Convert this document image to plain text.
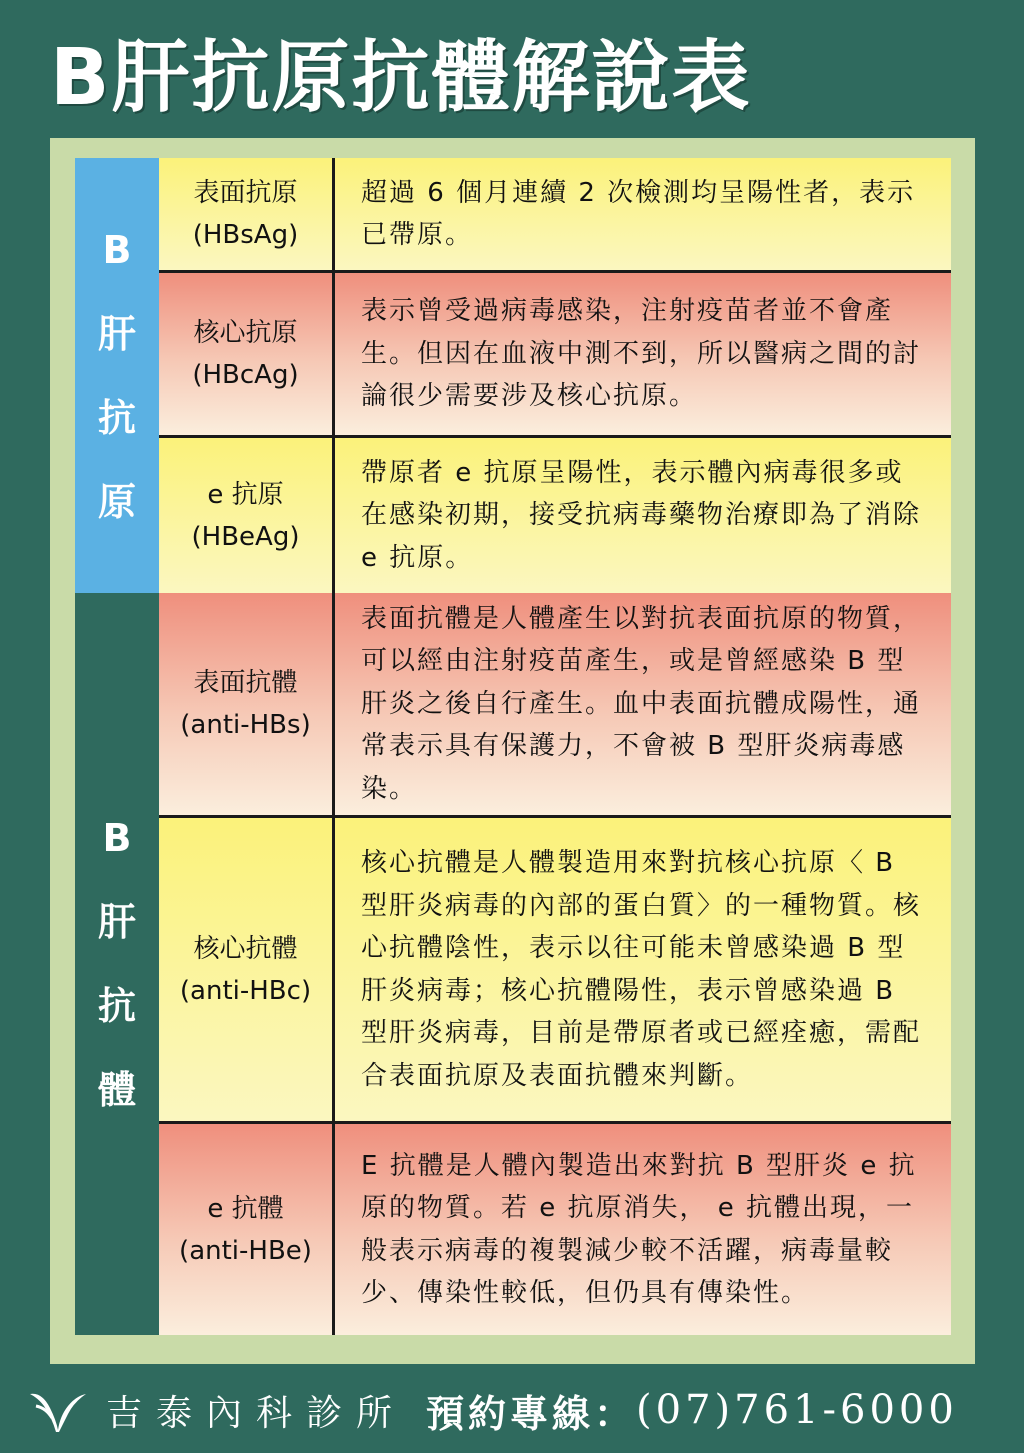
B肝抗原抗體解說表
B
肝
抗
原
B
肝
抗
體
表面抗原
(HBsAg)
超過 6 個月連續 2 次檢測均呈陽性者，表示已帶原。
核心抗原
(HBcAg)
表示曾受過病毒感染，注射疫苗者並不會產生。但因在血液中測不到，所以醫病之間的討論很少需要涉及核心抗原。
e 抗原
(HBeAg)
帶原者 e 抗原呈陽性，表示體內病毒很多或在感染初期，接受抗病毒藥物治療即為了消除 e 抗原。
表面抗體
(anti-HBs)
表面抗體是人體產生以對抗表面抗原的物質，可以經由注射疫苗產生，或是曾經感染 B 型肝炎之後自行產生。血中表面抗體成陽性，通常表示具有保護力，不會被 B 型肝炎病毒感染。
核心抗體
(anti-HBc)
核心抗體是人體製造用來對抗核心抗原〈 B 型肝炎病毒的內部的蛋白質〉的一種物質。核心抗體陰性，表示以往可能未曾感染過 B 型肝炎病毒；核心抗體陽性，表示曾感染過 B 型肝炎病毒，目前是帶原者或已經痊癒，需配合表面抗原及表面抗體來判斷。
e 抗體
(anti-HBe)
E 抗體是人體內製造出來對抗 B 型肝炎 e 抗原的物質。若 e 抗原消失， e 抗體出現，一般表示病毒的複製減少較不活躍，病毒量較少、傳染性較低，但仍具有傳染性。
吉泰內科診所 預約專線： (07)761-6000
